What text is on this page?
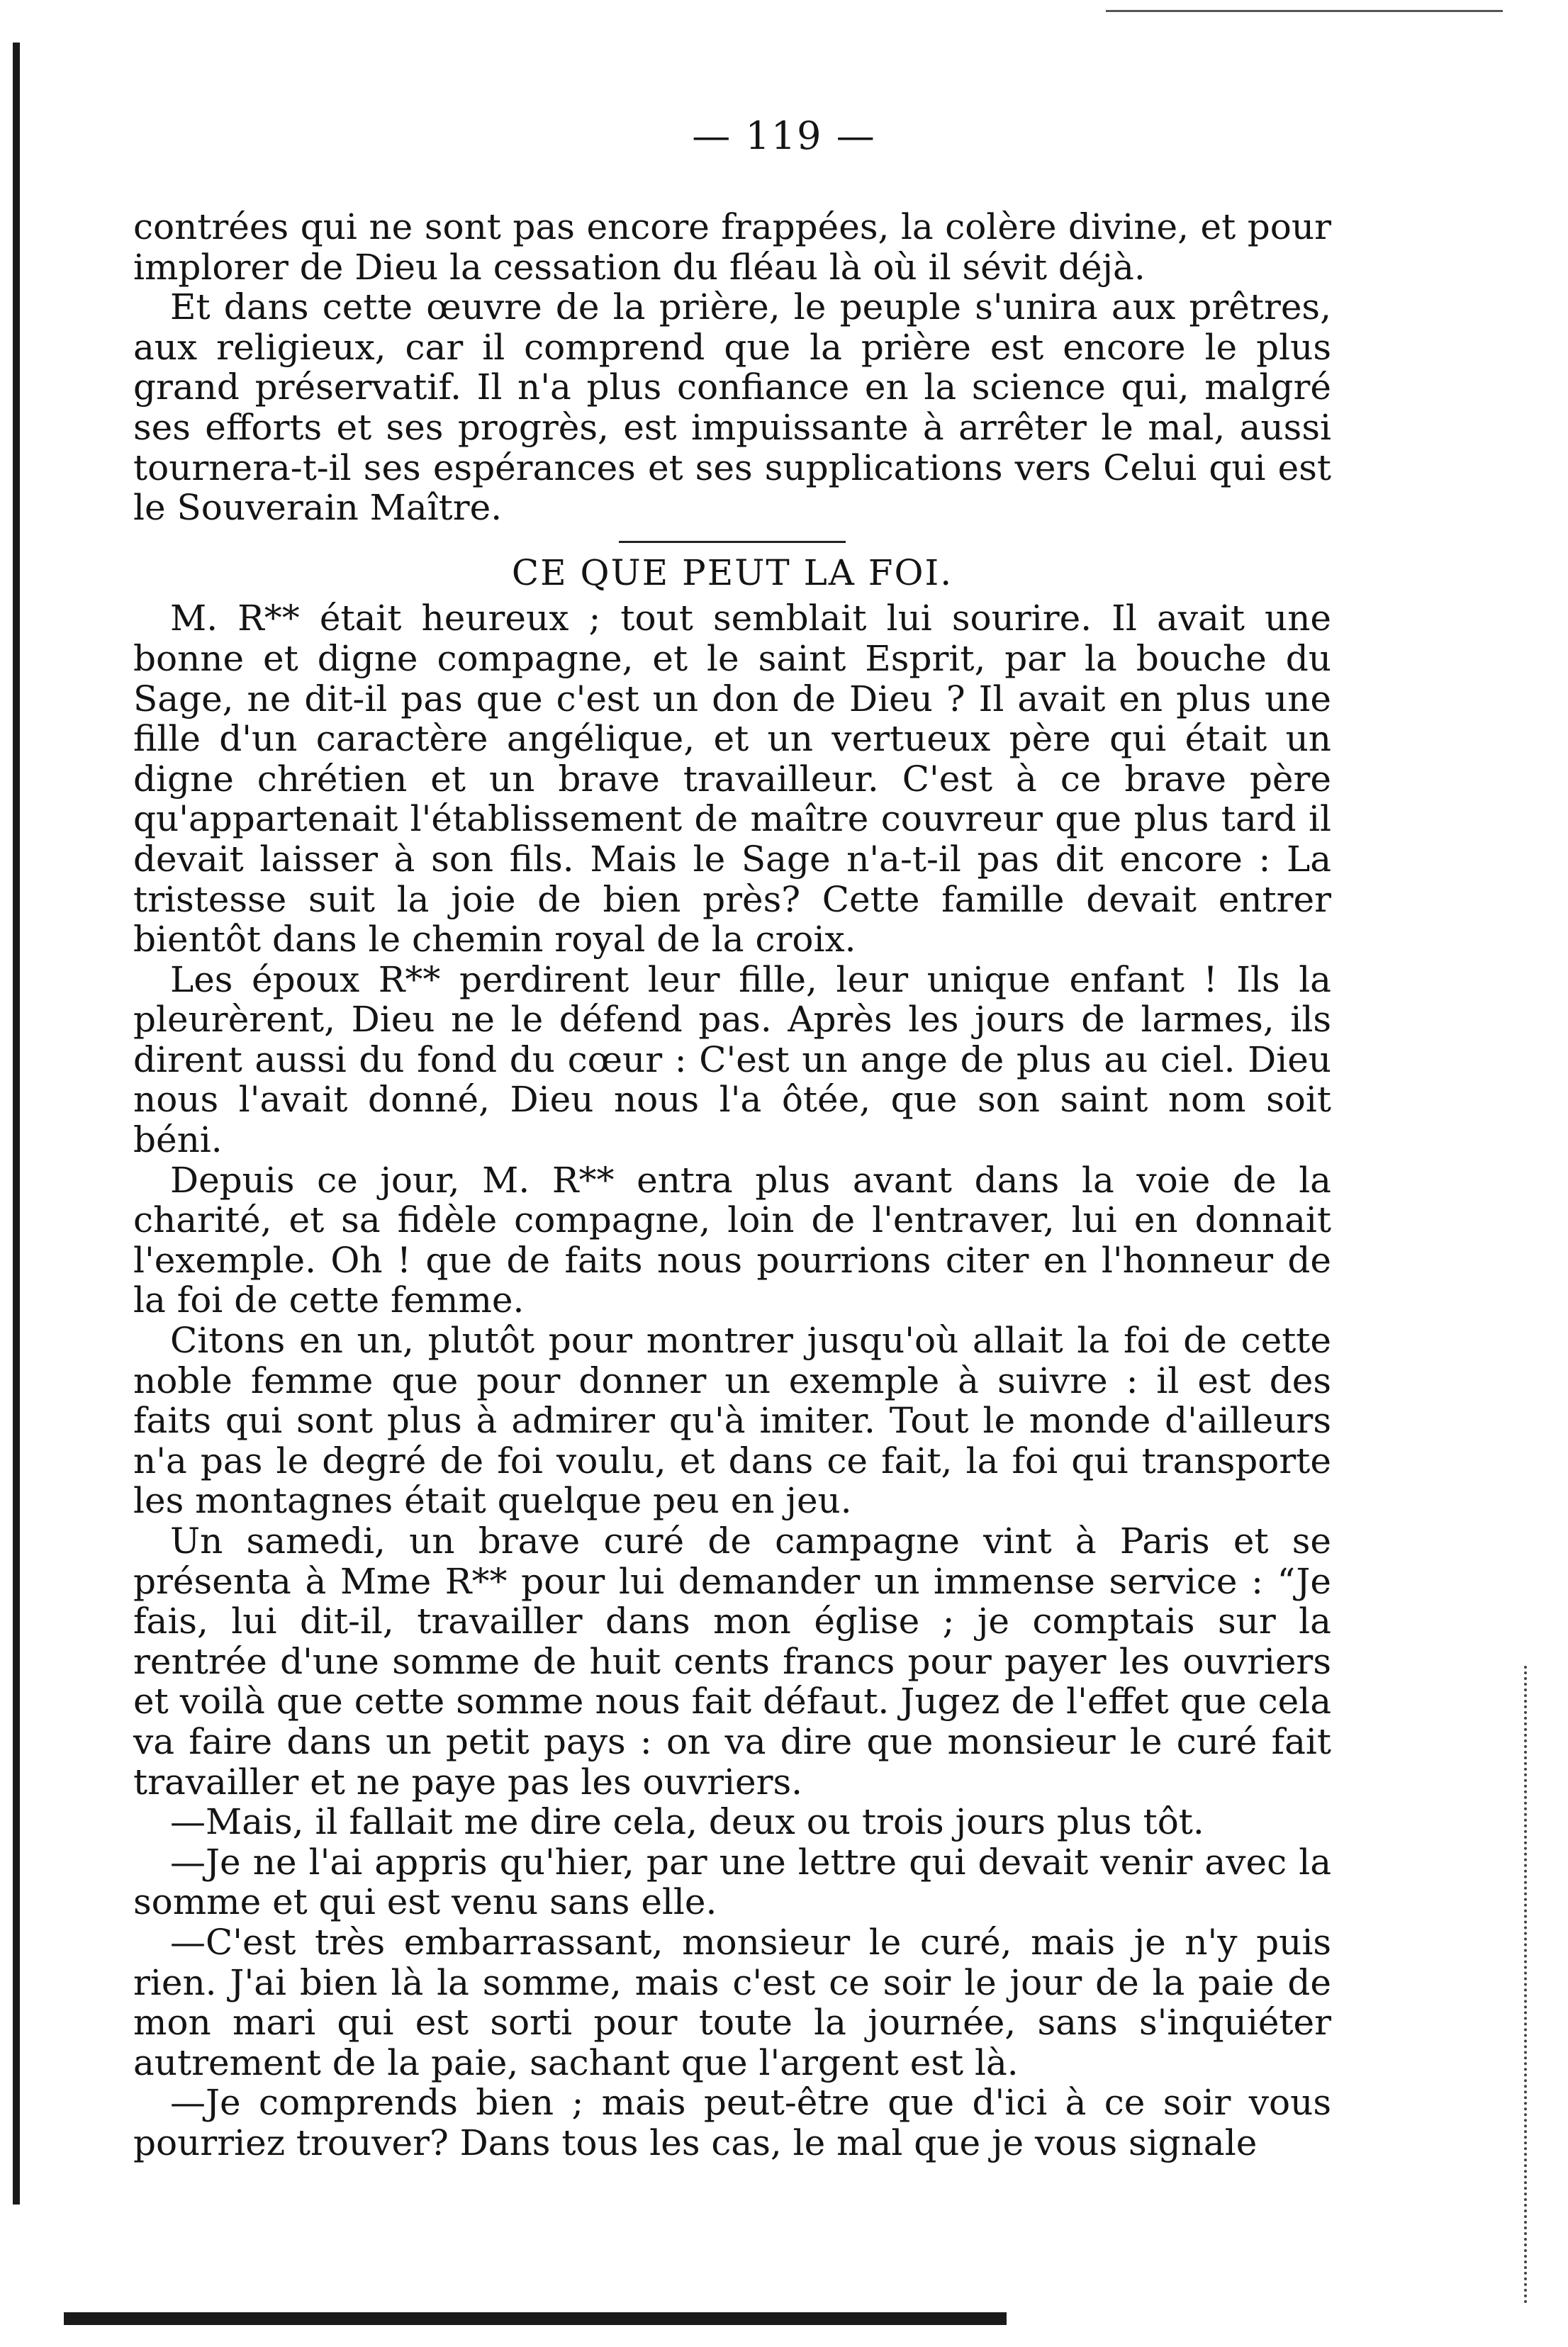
— 119 —

contrées qui ne sont pas encore frappées, la colère divine, et pour implorer de Dieu la cessation du fléau là où il sévit déjà.

Et dans cette œuvre de la prière, le peuple s'unira aux prêtres, aux religieux, car il comprend que la prière est encore le plus grand préservatif. Il n'a plus confiance en la science qui, malgré ses efforts et ses progrès, est impuissante à arrêter le mal, aussi tournera-t-il ses espérances et ses supplications vers Celui qui est le Souverain Maître.

CE QUE PEUT LA FOI.

M. R** était heureux ; tout semblait lui sourire. Il avait une bonne et digne compagne, et le saint Esprit, par la bouche du Sage, ne dit-il pas que c'est un don de Dieu ? Il avait en plus une fille d'un caractère angélique, et un vertueux père qui était un digne chrétien et un brave travailleur. C'est à ce brave père qu'appartenait l'établissement de maître couvreur que plus tard il devait laisser à son fils. Mais le Sage n'a-t-il pas dit encore : La tristesse suit la joie de bien près? Cette famille devait entrer bientôt dans le chemin royal de la croix.

Les époux R** perdirent leur fille, leur unique enfant ! Ils la pleurèrent, Dieu ne le défend pas. Après les jours de larmes, ils dirent aussi du fond du cœur : C'est un ange de plus au ciel. Dieu nous l'avait donné, Dieu nous l'a ôtée, que son saint nom soit béni.

Depuis ce jour, M. R** entra plus avant dans la voie de la charité, et sa fidèle compagne, loin de l'entraver, lui en donnait l'exemple. Oh ! que de faits nous pourrions citer en l'honneur de la foi de cette femme.

Citons en un, plutôt pour montrer jusqu'où allait la foi de cette noble femme que pour donner un exemple à suivre : il est des faits qui sont plus à admirer qu'à imiter. Tout le monde d'ailleurs n'a pas le degré de foi voulu, et dans ce fait, la foi qui transporte les montagnes était quelque peu en jeu.

Un samedi, un brave curé de campagne vint à Paris et se présenta à Mme R** pour lui demander un immense service : “Je fais, lui dit-il, travailler dans mon église ; je comptais sur la rentrée d'une somme de huit cents francs pour payer les ouvriers et voilà que cette somme nous fait défaut. Jugez de l'effet que cela va faire dans un petit pays : on va dire que monsieur le curé fait travailler et ne paye pas les ouvriers.

—Mais, il fallait me dire cela, deux ou trois jours plus tôt.

—Je ne l'ai appris qu'hier, par une lettre qui devait venir avec la somme et qui est venu sans elle.

—C'est très embarrassant, monsieur le curé, mais je n'y puis rien. J'ai bien là la somme, mais c'est ce soir le jour de la paie de mon mari qui est sorti pour toute la journée, sans s'inquiéter autrement de la paie, sachant que l'argent est là.

—Je comprends bien ; mais peut-être que d'ici à ce soir vous pourriez trouver? Dans tous les cas, le mal que je vous signale
